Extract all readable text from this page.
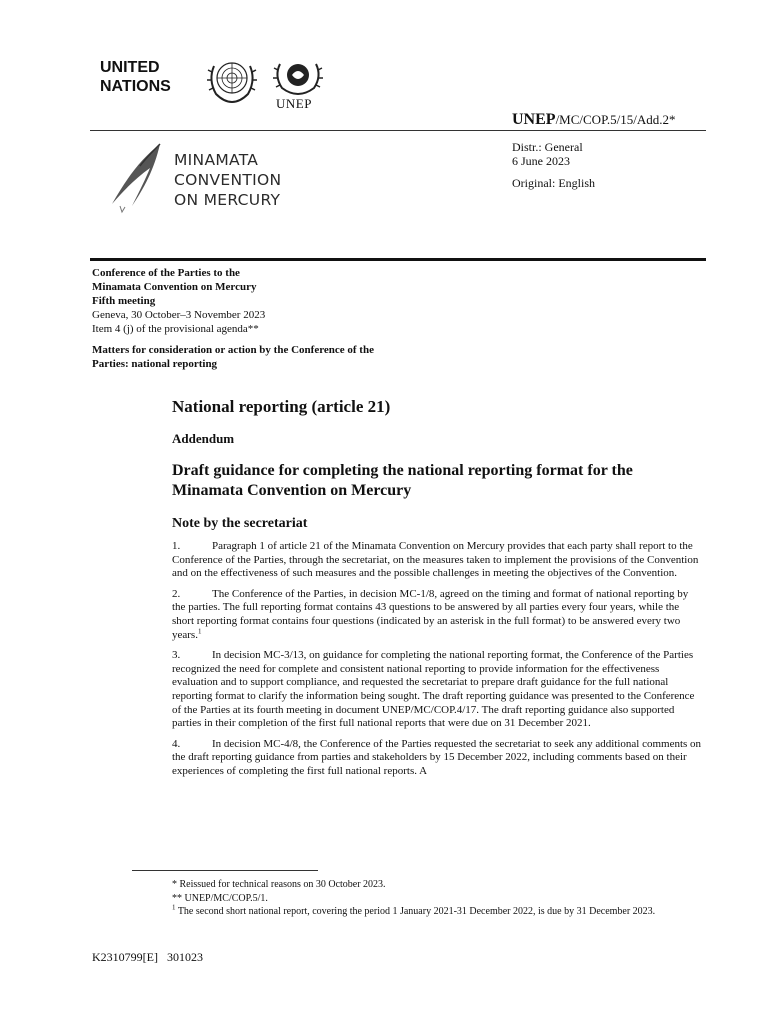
UNITED
NATIONS
UNEP
UNEP/MC/COP.5/15/Add.2*
Distr.: General
6 June 2023
Original: English
MINAMATA
CONVENTION
ON MERCURY
Conference of the Parties to the
Minamata Convention on Mercury
Fifth meeting
Geneva, 30 October–3 November 2023
Item 4 (j) of the provisional agenda**
Matters for consideration or action by the Conference of the Parties: national reporting
National reporting (article 21)
Addendum
Draft guidance for completing the national reporting format for the Minamata Convention on Mercury
Note by the secretariat

1.	Paragraph 1 of article 21 of the Minamata Convention on Mercury provides that each party shall report to the Conference of the Parties, through the secretariat, on the measures taken to implement the provisions of the Convention and on the effectiveness of such measures and the possible challenges in meeting the objectives of the Convention.

2.	The Conference of the Parties, in decision MC-1/8, agreed on the timing and format of national reporting by the parties. The full reporting format contains 43 questions to be answered by all parties every four years, while the short reporting format contains four questions (indicated by an asterisk in the full format) to be answered every two years.$^1$

3.	In decision MC-3/13, on guidance for completing the national reporting format, the Conference of the Parties recognized the need for complete and consistent national reporting to provide information for the effectiveness evaluation and to support compliance, and requested the secretariat to prepare draft guidance for the full national reporting format to clarify the information being sought. The draft reporting guidance was presented to the Conference of the Parties at its fourth meeting in document UNEP/MC/COP.4/17. The draft reporting guidance also supported parties in their completion of the first full national reports that were due on 31 December 2021.

4.	In decision MC-4/8, the Conference of the Parties requested the secretariat to seek any additional comments on the draft reporting guidance from parties and stakeholders by 15 December 2022, including comments based on their experiences of completing the first full national reports. A

* Reissued for technical reasons on 30 October 2023.

** UNEP/MC/COP.5/1.

$^1$ The second short national report, covering the period 1 January 2021-31 December 2022, is due by 31 December 2023.

K2310799[E]   301023
